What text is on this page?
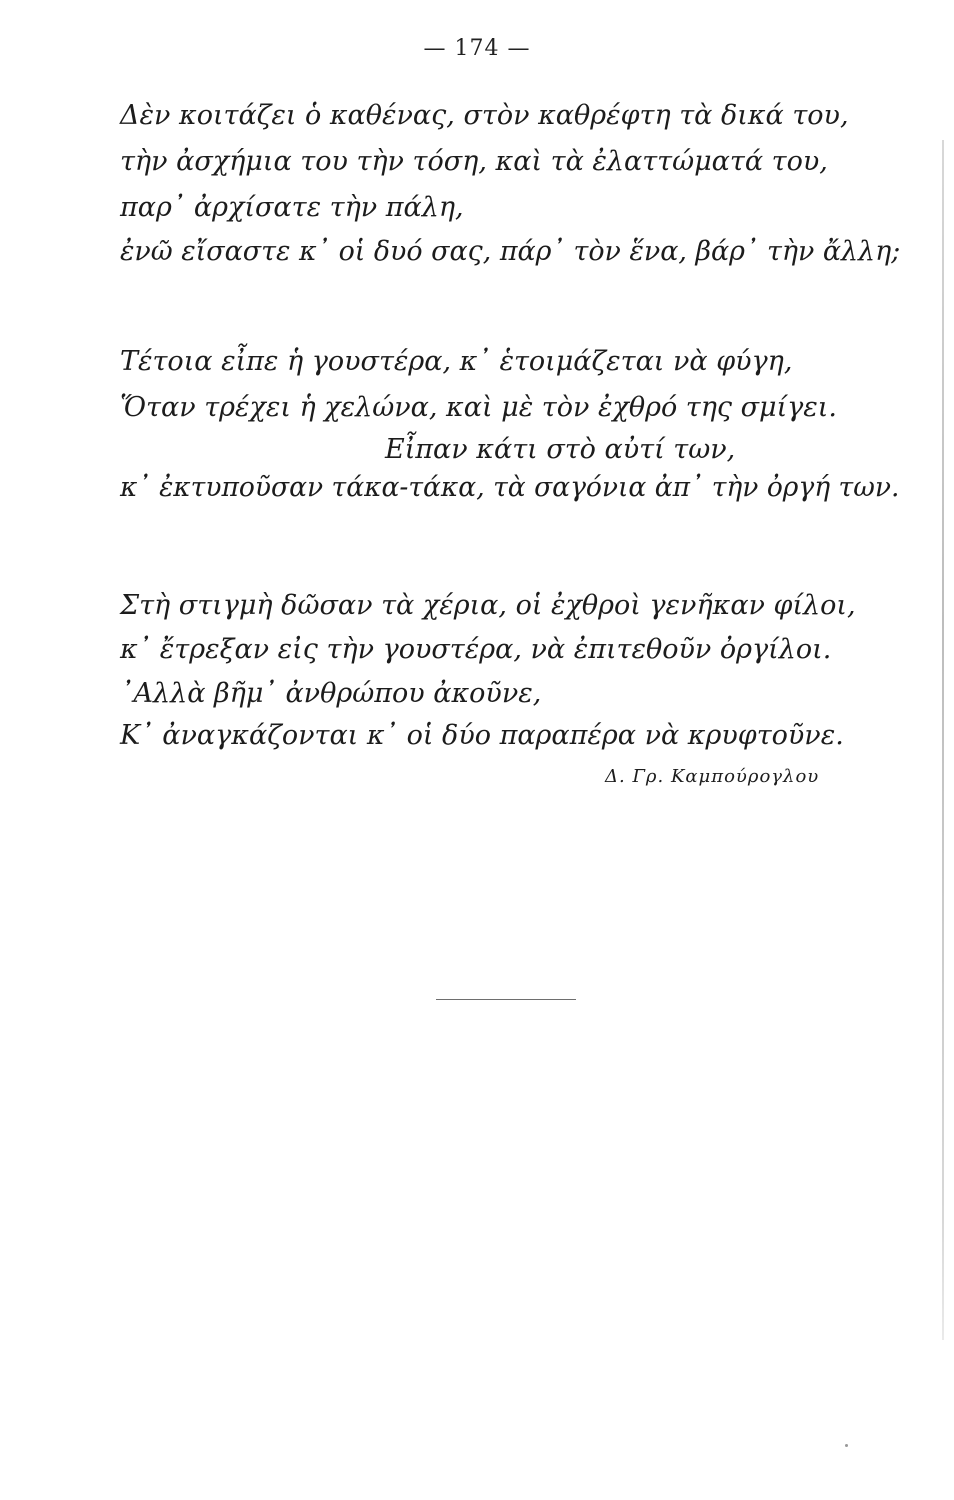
— 174 —
Δὲν κοιτάζει ὁ καθένας, στὸν καθρέφτη τὰ δικά του,
τὴν ἀσχήμια του τὴν τόση, καὶ τὰ ἐλαττώματά του,
παρ᾽ ἀρχίσατε τὴν πάλη,
ἐνῶ εἴσαστε κ᾽ οἱ δυό σας, πάρ᾽ τὸν ἕνα, βάρ᾽ τὴν ἄλλη;
Τέτοια εἶπε ἡ γουστέρα, κ᾽ ἑτοιμάζεται νὰ φύγη,
Ὅταν τρέχει ἡ χελώνα, καὶ μὲ τὸν ἐχθρό της σμίγει.
Εἶπαν κάτι στὸ αὐτί των,
κ᾽ ἐκτυποῦσαν τάκα-τάκα, τὰ σαγόνια ἀπ᾽ τὴν ὀργή των.
Στὴ στιγμὴ δῶσαν τὰ χέρια, οἱ ἐχθροὶ γενῆκαν φίλοι,
κ᾽ ἔτρεξαν εἰς τὴν γουστέρα, νὰ ἐπιτεθοῦν ὀργίλοι.
᾽Αλλὰ βῆμ᾽ ἀνθρώπου ἀκοῦνε,
Κ᾽ ἀναγκάζονται κ᾽ οἱ δύο παραπέρα νὰ κρυφτοῦνε.
Δ. Γρ. Καμπούρογλου
